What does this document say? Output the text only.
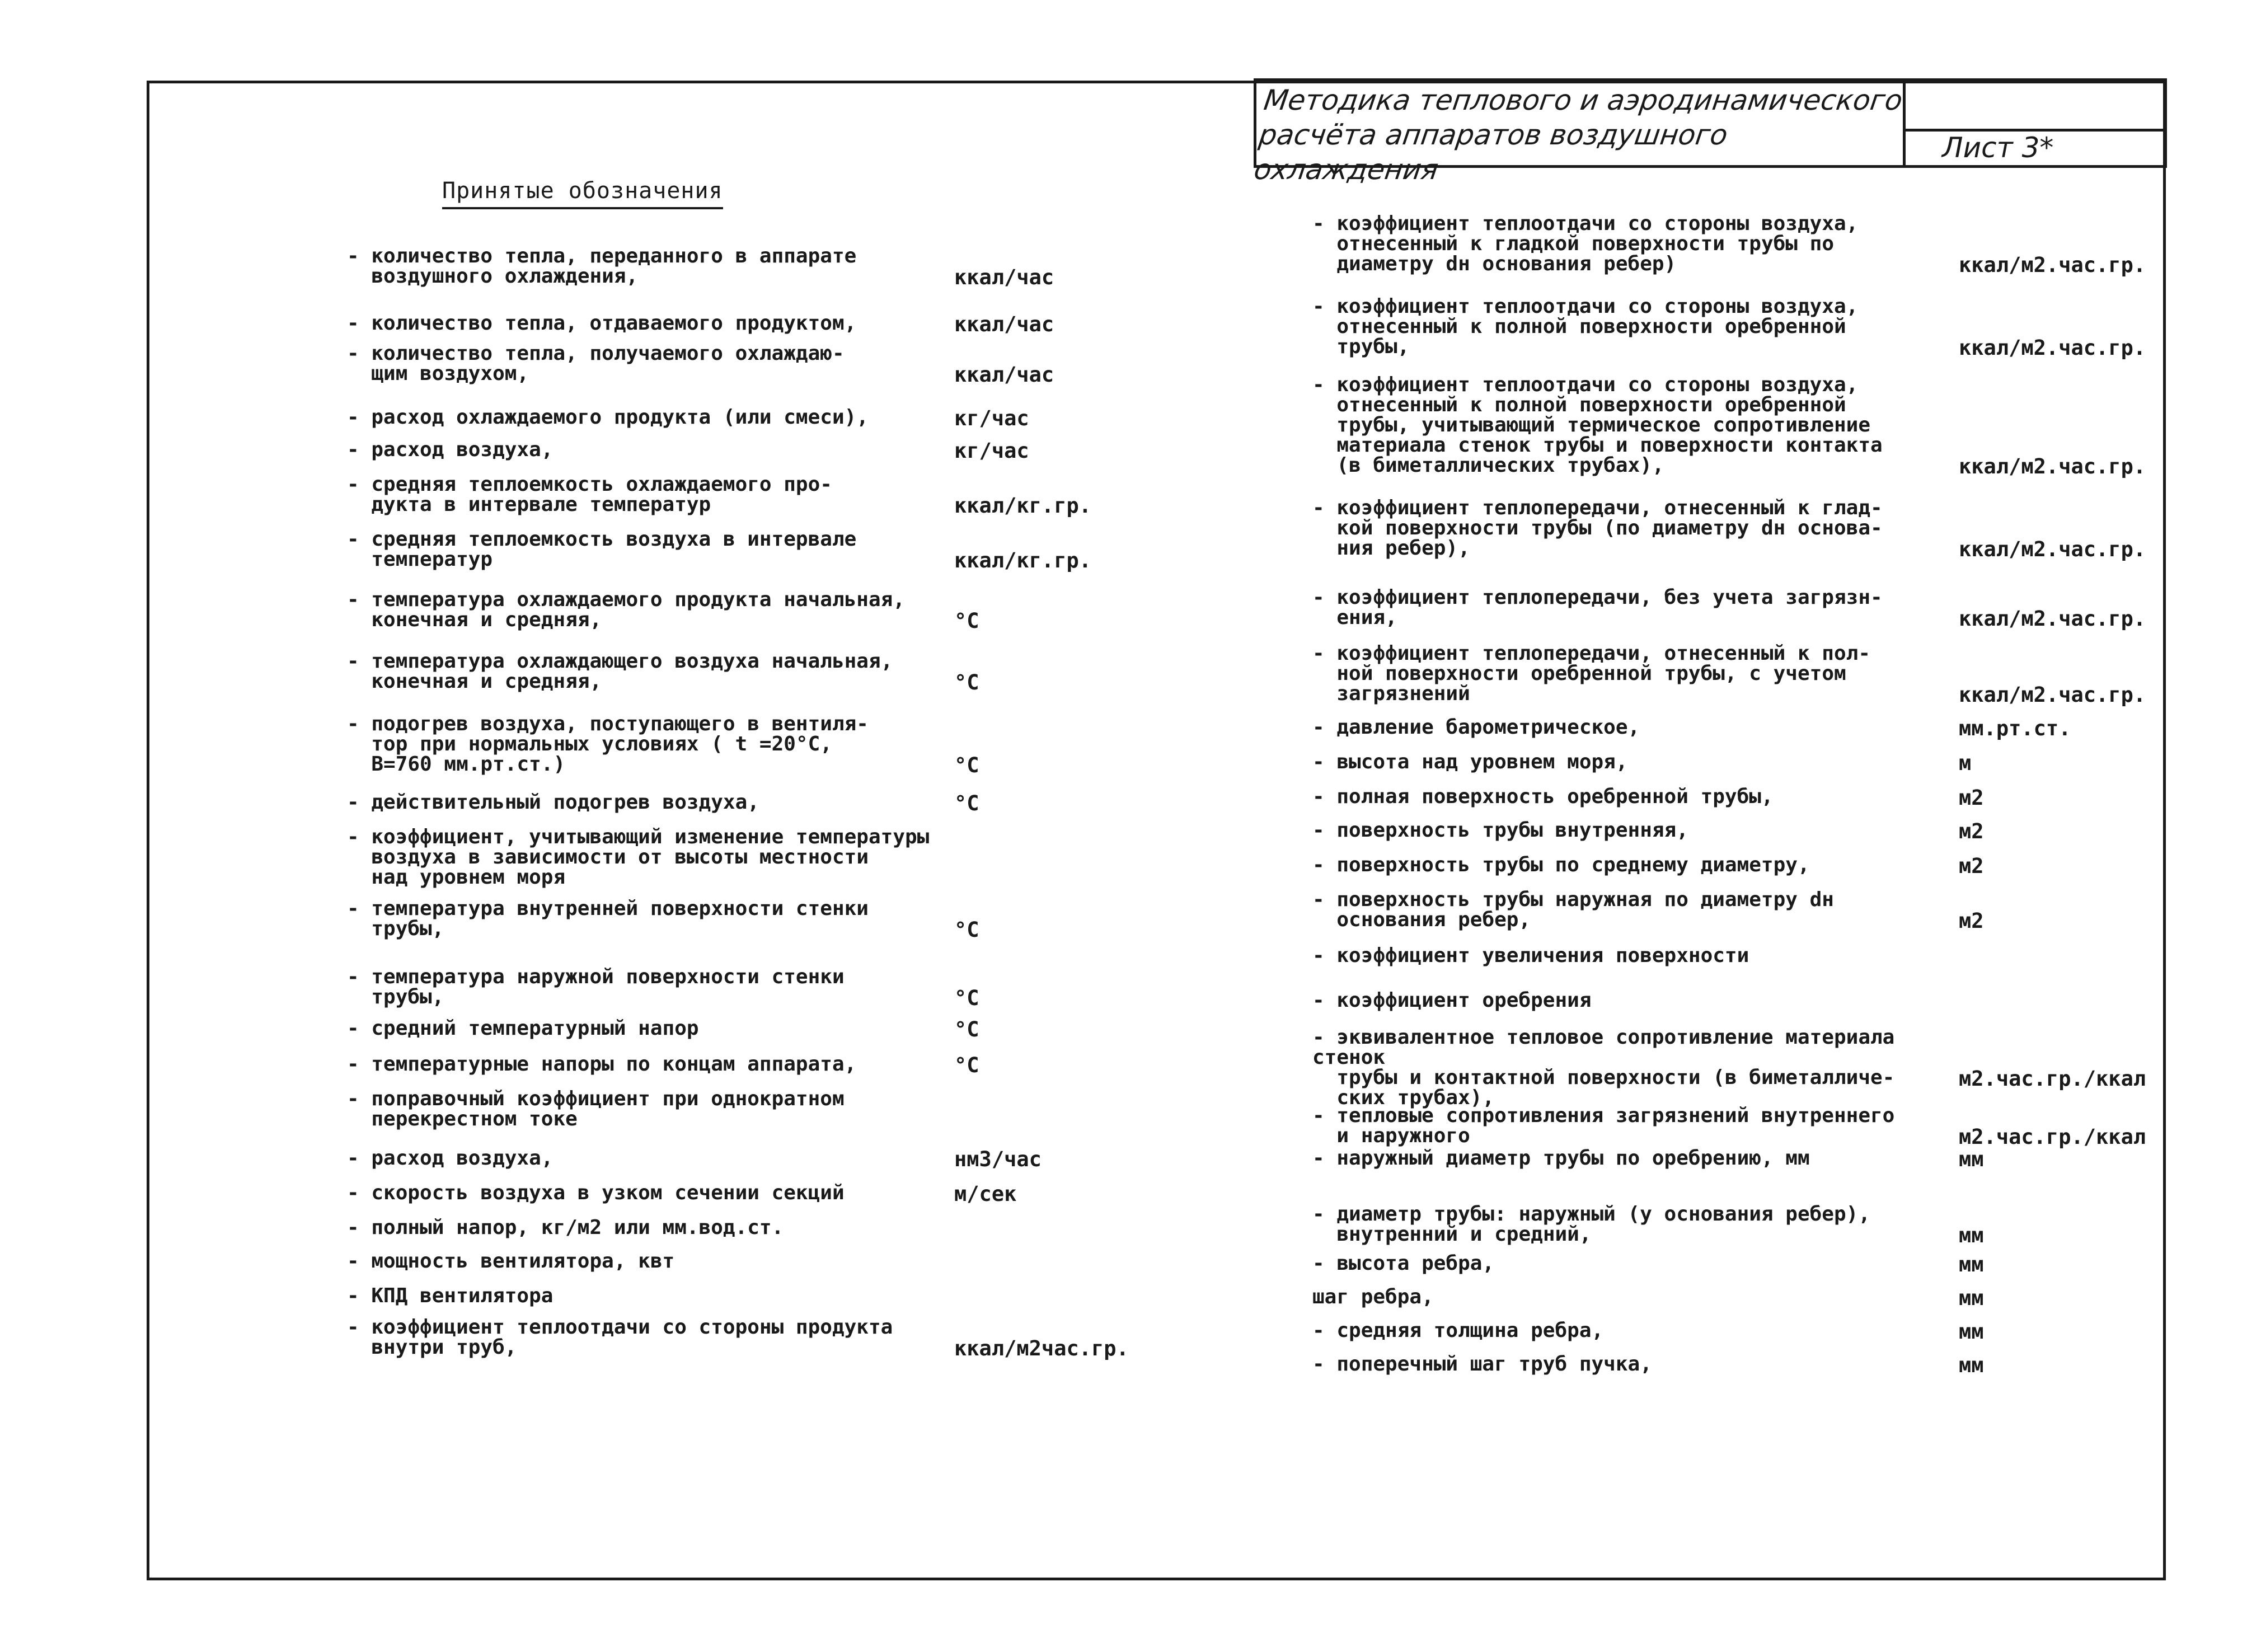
Методика теплового и аэродинамического
расчёта аппаратов воздушного охлаждения
Лист 3*
Принятые обозначения
- количество тепла, переданного в аппарате
воздушного охлаждения,	ккал/час
- количество тепла, отдаваемого продуктом,	ккал/час
- количество тепла, получаемого охлаждаю-
щим воздухом,	ккал/час
- расход охлаждаемого продукта (или смеси),	кг/час
- расход воздуха,	кг/час
- средняя теплоемкость охлаждаемого про-
дукта в интервале температур	ккал/кг.гр.
- средняя теплоемкость воздуха в интервале
температур	ккал/кг.гр.
- температура охлаждаемого продукта начальная,
конечная и средняя,	°C
- температура охлаждающего воздуха начальная,
конечная и средняя,	°C
- подогрев воздуха, поступающего в вентиля-
тор при нормальных условиях ( t =20°C,
B=760 мм.рт.ст.)	°C
- действительный подогрев воздуха,	°C
- коэффициент, учитывающий изменение температуры
воздуха в зависимости от высоты местности
над уровнем моря
- температура внутренней поверхности стенки
трубы,	°C
- температура наружной поверхности стенки
трубы,	°C
- средний температурный напор	°C
- температурные напоры по концам аппарата,	°C
- поправочный коэффициент при однократном
перекрестном токе
- расход воздуха,	нм3/час
- скорость воздуха в узком сечении секций	м/сек
- полный напор, кг/м2 или мм.вод.ст.
- мощность вентилятора, квт
- КПД вентилятора
- коэффициент теплоотдачи со стороны продукта
внутри труб,	ккал/м2час.гр.
- коэффициент теплоотдачи со стороны воздуха,
отнесенный к гладкой поверхности трубы по
диаметру dн основания ребер)	ккал/м2.час.гр.
- коэффициент теплоотдачи со стороны воздуха,
отнесенный к полной поверхности оребренной
трубы,	ккал/м2.час.гр.
- коэффициент теплоотдачи со стороны воздуха,
отнесенный к полной поверхности оребренной
трубы, учитывающий термическое сопротивление
материала стенок трубы и поверхности контакта
(в биметаллических трубах),	ккал/м2.час.гр.
- коэффициент теплопередачи, отнесенный к глад-
кой поверхности трубы (по диаметру dн основа-
ния ребер),	ккал/м2.час.гр.
- коэффициент теплопередачи, без учета загрязн-
ения,	ккал/м2.час.гр.
- коэффициент теплопередачи, отнесенный к пол-
ной поверхности оребренной трубы, с учетом
загрязнений	ккал/м2.час.гр.
- давление барометрическое,	мм.рт.ст.
- высота над уровнем моря,	м
- полная поверхность оребренной трубы,	м2
- поверхность трубы внутренняя,	м2
- поверхность трубы по среднему диаметру,	м2
- поверхность трубы наружная по диаметру dн
основания ребер,	м2
- коэффициент увеличения поверхности
- коэффициент оребрения
- эквивалентное тепловое сопротивление материала стенок
трубы и контактной поверхности (в биметалличе-
ских трубах),
м2.час.гр./ккал
- тепловые сопротивления загрязнений внутреннего
и наружного	м2.час.гр./ккал
- наружный диаметр трубы по оребрению, мм	мм
- диаметр трубы: наружный (у основания ребер),
внутренний и средний,	мм
- высота ребра,	мм
шаг ребра,	мм
- средняя толщина ребра,	мм
- поперечный шаг труб пучка,	мм
